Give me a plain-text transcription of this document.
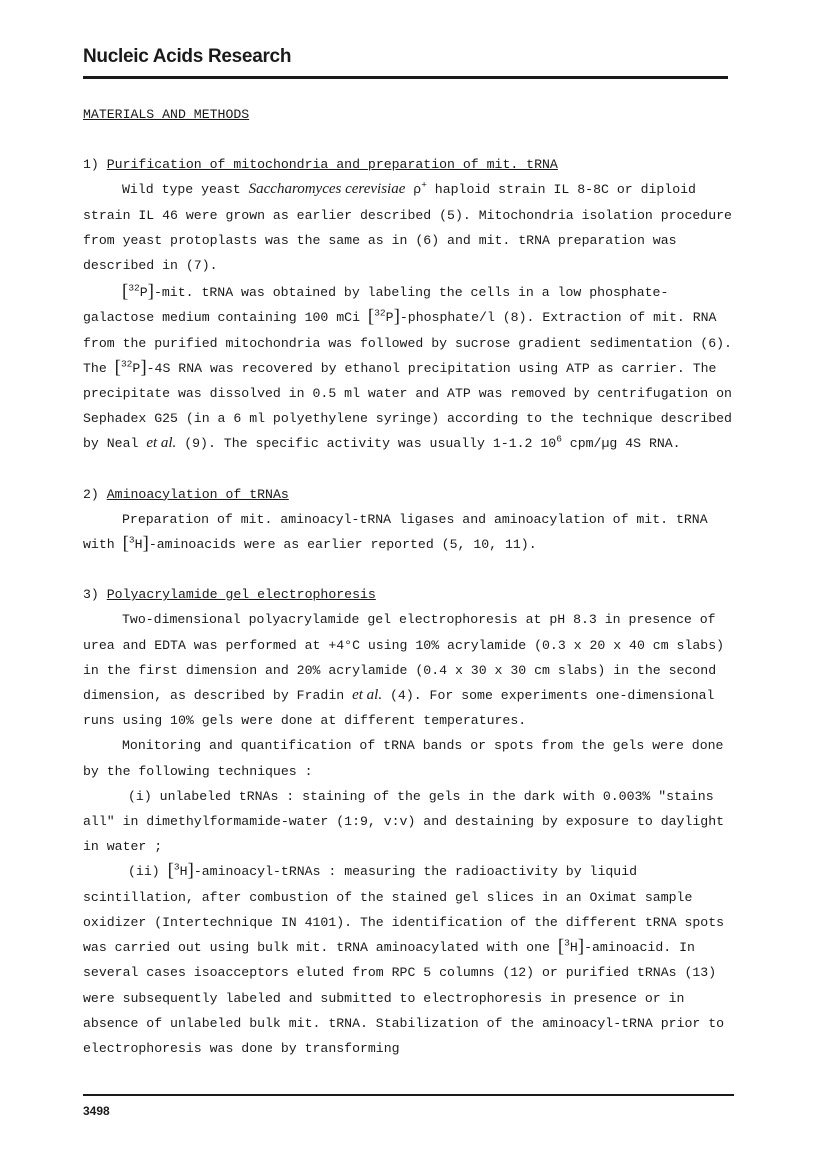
Nucleic Acids Research

MATERIALS AND METHODS

1) Purification of mitochondria and preparation of mit. tRNA

Wild type yeast Saccharomyces cerevisiae ρ+ haploid strain IL 8-8C or diploid strain IL 46 were grown as earlier described (5). Mitochondria isolation procedure from yeast protoplasts was the same as in (6) and mit. tRNA preparation was described in (7).

[$^{32}$P]-mit. tRNA was obtained by labeling the cells in a low phosphate-galactose medium containing 100 mCi [$^{32}$P]-phosphate/l (8). Extraction of mit. RNA from the purified mitochondria was followed by sucrose gradient sedimentation (6). The [$^{32}$P]-4S RNA was recovered by ethanol precipitation using ATP as carrier. The precipitate was dissolved in 0.5 ml water and ATP was removed by centrifugation on Sephadex G25 (in a 6 ml polyethylene syringe) according to the technique described by Neal et al. (9). The specific activity was usually 1-1.2 $10^6$ cpm/µg 4S RNA.

2) Aminoacylation of tRNAs

Preparation of mit. aminoacyl-tRNA ligases and aminoacylation of mit. tRNA with [$^3$H]-aminoacids were as earlier reported (5, 10, 11).

3) Polyacrylamide gel electrophoresis

Two-dimensional polyacrylamide gel electrophoresis at pH 8.3 in presence of urea and EDTA was performed at +4°C using 10% acrylamide (0.3 x 20 x 40 cm slabs) in the first dimension and 20% acrylamide (0.4 x 30 x 30 cm slabs) in the second dimension, as described by Fradin et al. (4). For some experiments one-dimensional runs using 10% gels were done at different temperatures.

Monitoring and quantification of tRNA bands or spots from the gels were done by the following techniques :

(i) unlabeled tRNAs : staining of the gels in the dark with 0.003% "stains all" in dimethylformamide-water (1:9, v:v) and destaining by exposure to daylight in water ;

(ii) [$^3$H]-aminoacyl-tRNAs : measuring the radioactivity by liquid scintillation, after combustion of the stained gel slices in an Oximat sample oxidizer (Intertechnique IN 4101). The identification of the different tRNA spots was carried out using bulk mit. tRNA aminoacylated with one [$^3$H]-aminoacid. In several cases isoacceptors eluted from RPC 5 columns (12) or purified tRNAs (13) were subsequently labeled and submitted to electrophoresis in presence or in absence of unlabeled bulk mit. tRNA. Stabilization of the aminoacyl-tRNA prior to electrophoresis was done by transforming

3498
